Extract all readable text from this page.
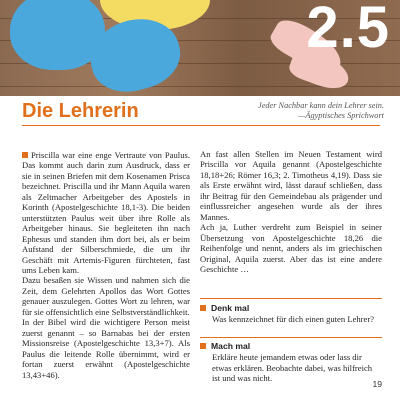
2.5
Die Lehrerin	Jeder Nachbar kann dein Lehrer sein.
—Ägyptisches Sprichwort

Priscilla war eine enge Vertraute von Paulus. Das kommt auch darin zum Ausdruck, dass er sie in seinen Briefen mit dem Kosenamen Prisca bezeichnet. Priscilla und ihr Mann Aquila waren als Zeltmacher Arbeitgeber des Apostels in Korinth (Apostelgeschichte 18,1-3). Die beiden unterstützten Paulus weit über ihre Rolle als Arbeitgeber hinaus. Sie begleiteten ihn nach Ephesus und standen ihm dort bei, als er beim Aufstand der Silberschmiede, die um ihr Geschäft mit Artemis-Figuren fürchteten, fast ums Leben kam.

Dazu besaßen sie Wissen und nahmen sich die Zeit, dem Gelehrten Apollos das Wort Gottes genauer auszulegen. Gottes Wort zu lehren, war für sie offensichtlich eine Selbstverständlichkeit.

In der Bibel wird die wichtigere Person meist zuerst genannt – so Barnabas bei der ersten Missionsreise (Apostelgeschichte 13,3+7). Als Paulus die leitende Rolle übernimmt, wird er fortan zuerst erwähnt (Apostelgeschichte 13,43+46).

An fast allen Stellen im Neuen Testament wird Priscilla vor Aquila genannt (Apostelgeschichte 18,18+26; Römer 16,3; 2. Timotheus 4,19). Dass sie als Erste erwähnt wird, lässt darauf schließen, dass ihr Beitrag für den Gemeindebau als prägender und einflussreicher angesehen wurde als der ihres Mannes.

Ach ja, Luther verdreht zum Beispiel in seiner Übersetzung von Apostelgeschichte 18,26 die Reihenfolge und nennt, anders als im griechischen Original, Aquila zuerst. Aber das ist eine andere Geschichte …

Denk mal
Was kennzeichnet für dich einen guten Lehrer?
Mach mal
Erkläre heute jemandem etwas oder lass dir etwas erklären. Beobachte dabei, was hilfreich ist und was nicht.
19
